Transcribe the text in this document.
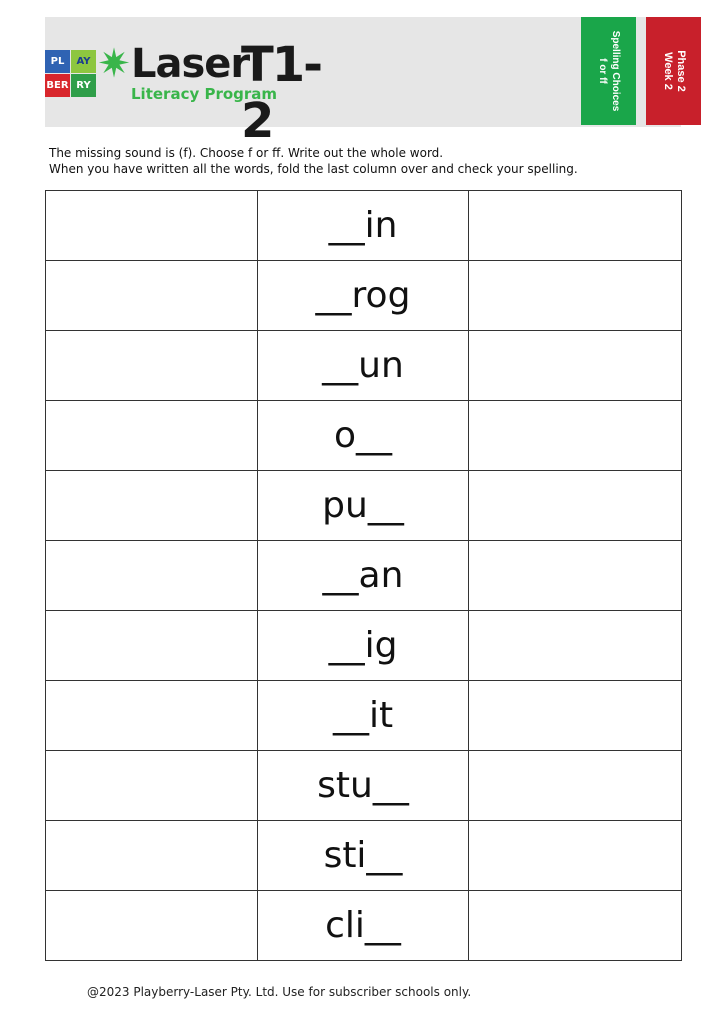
PL	AY
BER RY ✷ Laser
T1-2
Literacy Program	Spelling Choices
f or ff	Phase 2
Week 2
The missing sound is (f). Choose f or ff. Write out the whole word.
When you have written all the words, fold the last column over and check your spelling.
	__in	
	__rog	
	__un	
	o__	
	pu__	
	__an	
	__ig	
	__it	
	stu__	
	sti__	
	cli__	
@2023 Playberry-Laser Pty. Ltd. Use for subscriber schools only.
